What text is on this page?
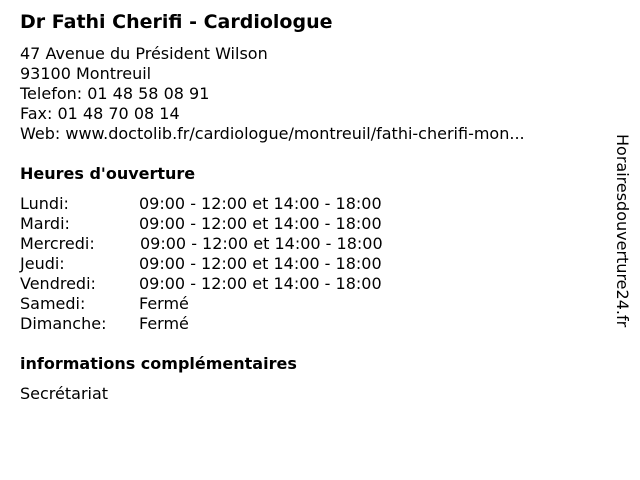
Dr Fathi Cherifi - Cardiologue
47 Avenue du Président Wilson
93100 Montreuil
Telefon: 01 48 58 08 91
Fax: 01 48 70 08 14
Web: www.doctolib.fr/cardiologue/montreuil/fathi-cherifi-mon...
Heures d'ouverture
Lundi:	09:00 - 12:00 et 14:00 - 18:00
Mardi:	09:00 - 12:00 et 14:00 - 18:00
Mercredi:	09:00 - 12:00 et 14:00 - 18:00
Jeudi:	09:00 - 12:00 et 14:00 - 18:00
Vendredi:	09:00 - 12:00 et 14:00 - 18:00
Samedi:	Fermé
Dimanche: Fermé
informations complémentaires
Secrétariat
Horairesdouverture24.fr
